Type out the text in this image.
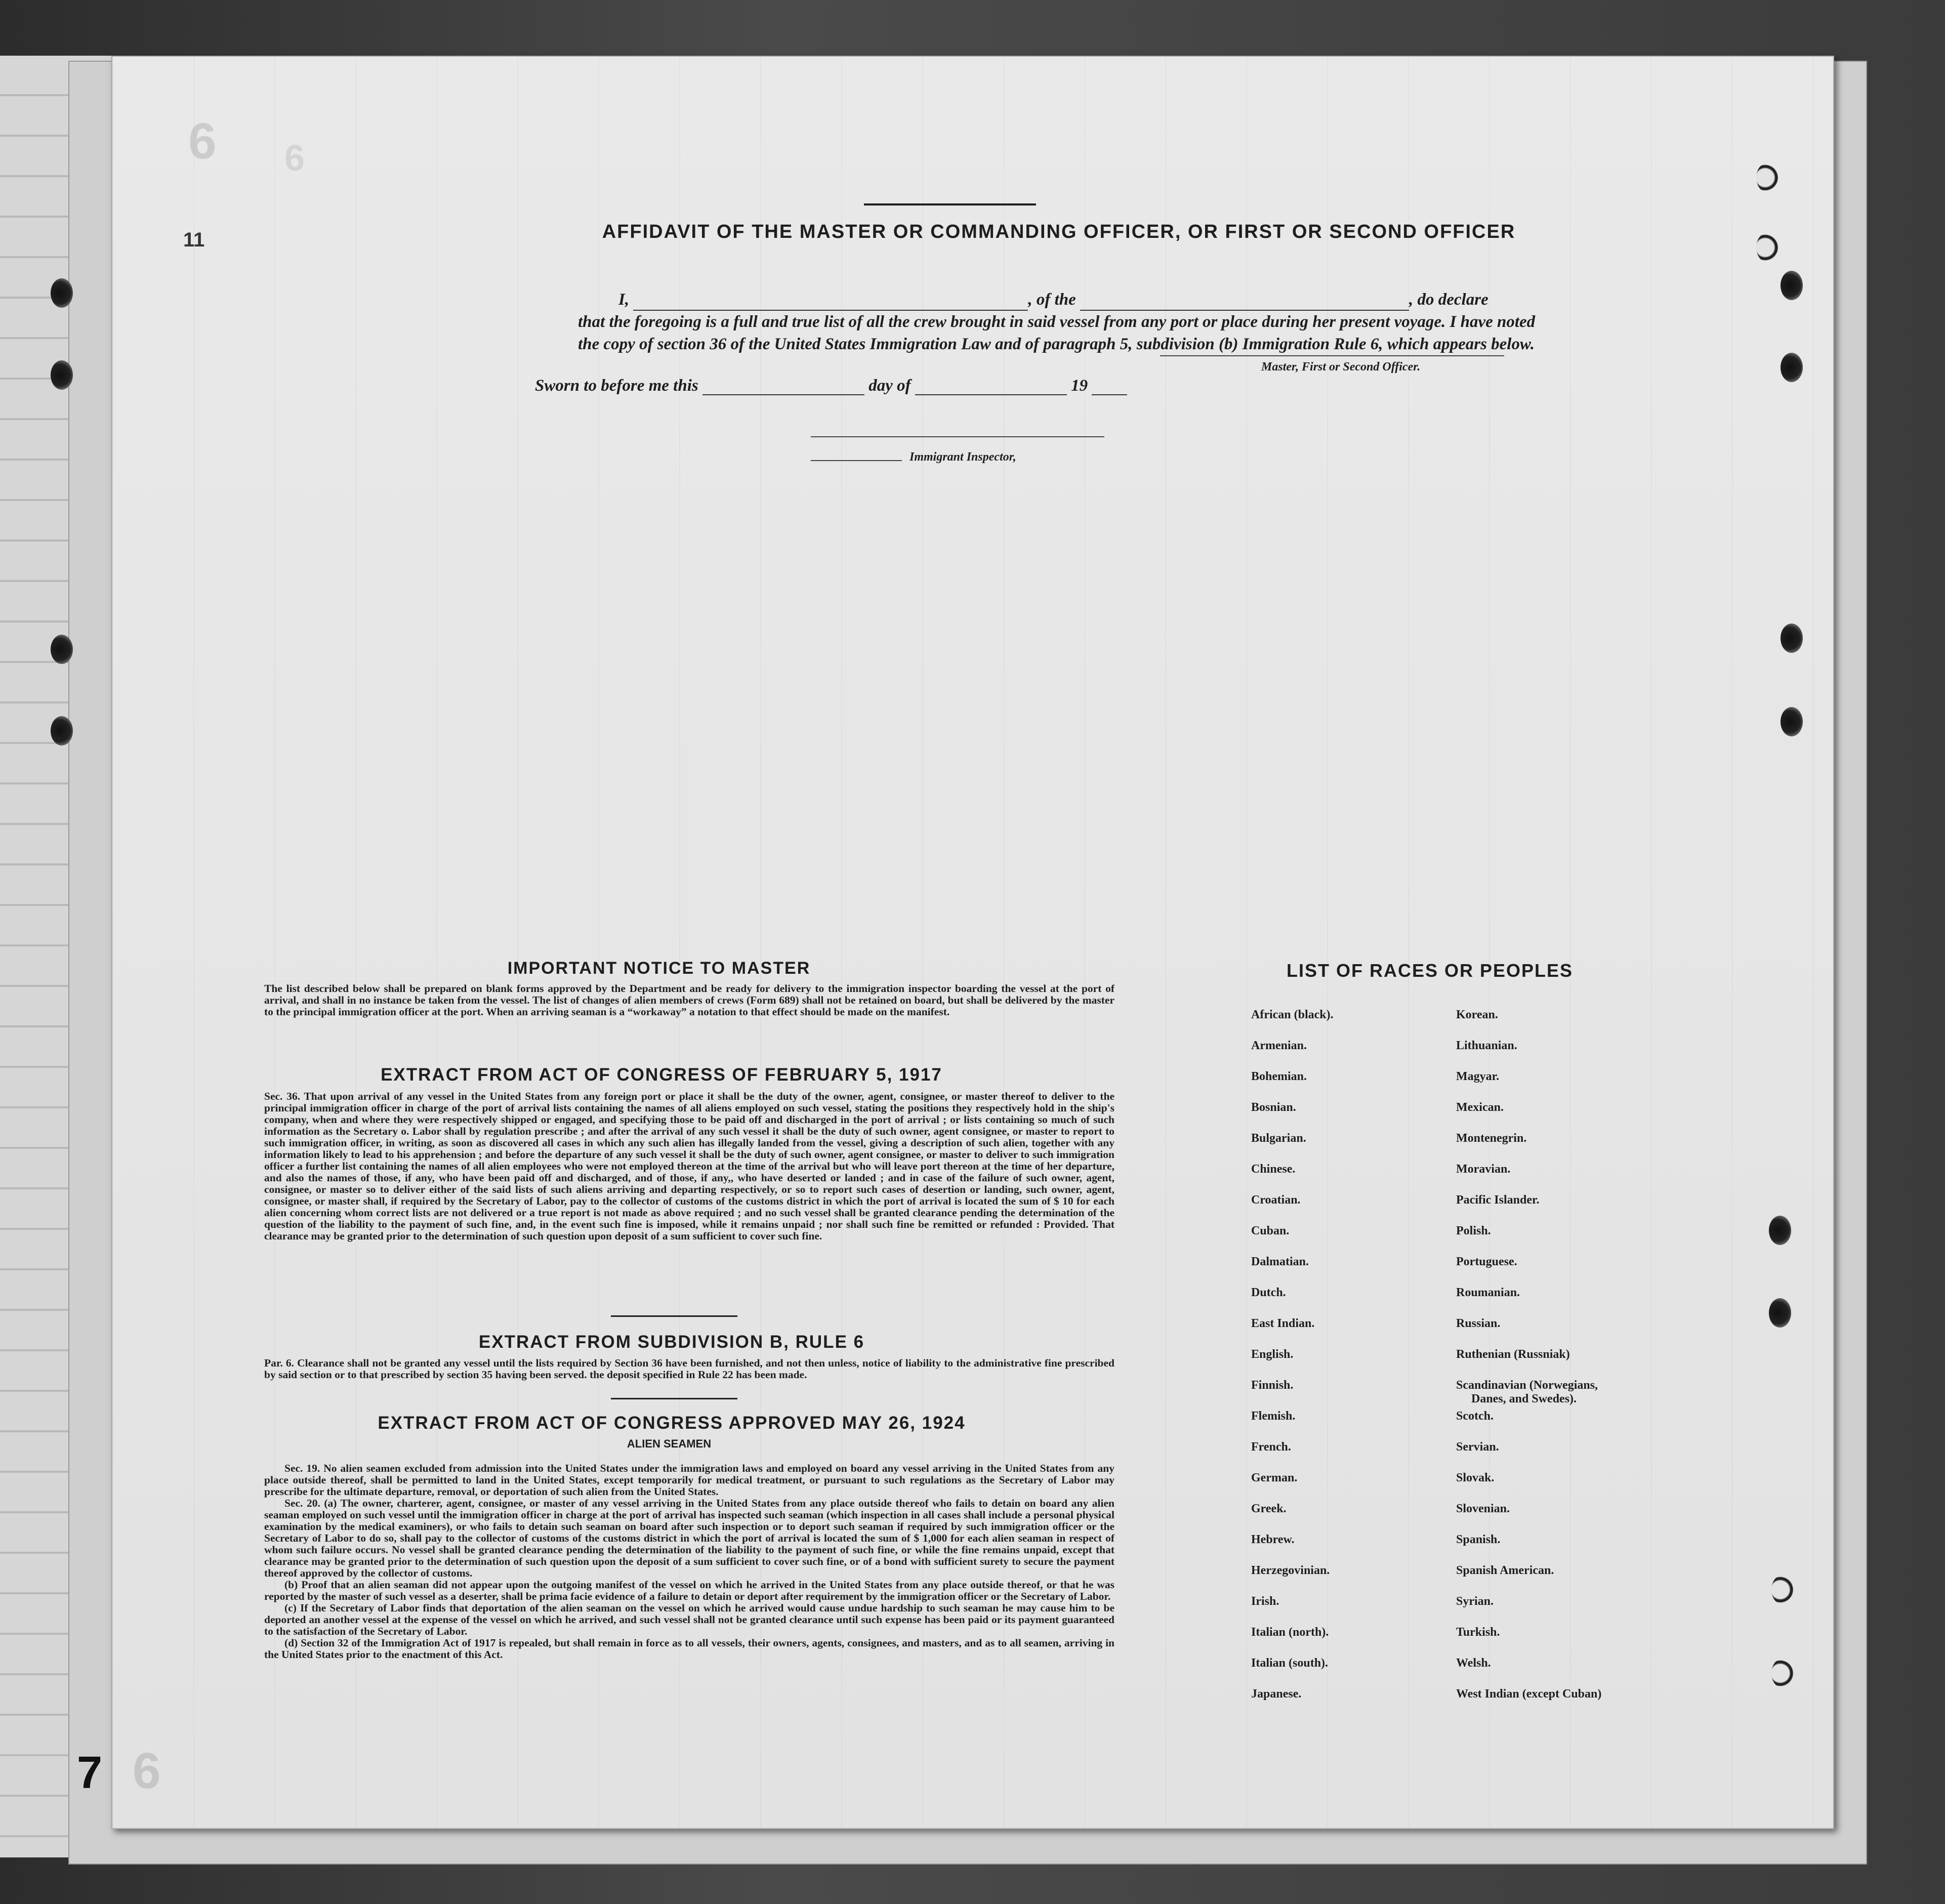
6
7 6
6
11	AFFIDAVIT OF THE MASTER OR COMMANDING OFFICER, OR FIRST OR SECOND OFFICER
I,	, of the	, do declare
that the foregoing is a full and true list of all the crew brought in said vessel from any port or place during her present voyage. I have noted the copy of section 36 of the United States Immigration Law and of paragraph 5, subdivision (b) Immigration Rule 6, which appears below.
Master, First or Second Officer.
Sworn to before me this	day of	19
Immigrant Inspector,
IMPORTANT NOTICE TO MASTER
The list described below shall be prepared on blank forms approved by the Department and be ready for delivery to the immigration inspector boarding the vessel at the port of arrival, and shall in no instance be taken from the vessel. The list of changes of alien members of crews (Form 689) shall not be retained on board, but shall be delivered by the master to the principal immigration officer at the port. When an arriving seaman is a “workaway” a notation to that effect should be made on the manifest.
EXTRACT FROM ACT OF CONGRESS OF FEBRUARY 5, 1917
Sec. 36. That upon arrival of any vessel in the United States from any foreign port or place it shall be the duty of the owner, agent, consignee, or master thereof to deliver to the principal immigration officer in charge of the port of arrival lists containing the names of all aliens employed on such vessel, stating the positions they respectively hold in the ship's company, when and where they were respectively shipped or engaged, and specifying those to be paid off and discharged in the port of arrival ; or lists containing so much of such information as the Secretary o. Labor shall by regulation prescribe ; and after the arrival of any such vessel it shall be the duty of such owner, agent consignee, or master to report to such immigration officer, in writing, as soon as discovered all cases in which any such alien has illegally landed from the vessel, giving a description of such alien, together with any information likely to lead to his apprehension ; and before the departure of any such vessel it shall be the duty of such owner, agent consignee, or master to deliver to such immigration officer a further list containing the names of all alien employees who were not employed thereon at the time of the arrival but who will leave port thereon at the time of her departure, and also the names of those, if any, who have been paid off and discharged, and of those, if any,, who have deserted or landed ; and in case of the failure of such owner, agent, consignee, or master so to deliver either of the said lists of such aliens arriving and departing respectively, or so to report such cases of desertion or landing, such owner, agent, consignee, or master shall, if required by the Secretary of Labor, pay to the collector of customs of the customs district in which the port of arrival is located the sum of $ 10 for each alien concerning whom correct lists are not delivered or a true report is not made as above required ; and no such vessel shall be granted clearance pending the determination of the question of the liability to the payment of such fine, and, in the event such fine is imposed, while it remains unpaid ; nor shall such fine be remitted or refunded : Provided. That clearance may be granted prior to the determination of such question upon deposit of a sum sufficient to cover such fine.
EXTRACT FROM SUBDIVISION B, RULE 6
Par. 6. Clearance shall not be granted any vessel until the lists required by Section 36 have been furnished, and not then unless, notice of liability to the administrative fine prescribed by said section or to that prescribed by section 35 having been served. the deposit specified in Rule 22 has been made.
EXTRACT FROM ACT OF CONGRESS APPROVED MAY 26, 1924
ALIEN SEAMEN
Sec. 19. No alien seamen excluded from admission into the United States under the immigration laws and employed on board any vessel arriving in the United States from any place outside thereof, shall be permitted to land in the United States, except temporarily for medical treatment, or pursuant to such regulations as the Secretary of Labor may prescribe for the ultimate departure, removal, or deportation of such alien from the United States.
Sec. 20. (a) The owner, charterer, agent, consignee, or master of any vessel arriving in the United States from any place outside thereof who fails to detain on board any alien seaman employed on such vessel until the immigration officer in charge at the port of arrival has inspected such seaman (which inspection in all cases shall include a personal physical examination by the medical examiners), or who fails to detain such seaman on board after such inspection or to deport such seaman if required by such immigration officer or the Secretary of Labor to do so, shall pay to the collector of customs of the customs district in which the port of arrival is located the sum of $ 1,000 for each alien seaman in respect of whom such failure occurs. No vessel shall be granted clearance pending the determination of the liability to the payment of such fine, or while the fine remains unpaid, except that clearance may be granted prior to the determination of such question upon the deposit of a sum sufficient to cover such fine, or of a bond with sufficient surety to secure the payment thereof approved by the collector of customs.
(b) Proof that an alien seaman did not appear upon the outgoing manifest of the vessel on which he arrived in the United States from any place outside thereof, or that he was reported by the master of such vessel as a deserter, shall be prima facie evidence of a failure to detain or deport after requirement by the immigration officer or the Secretary of Labor.
(c) If the Secretary of Labor finds that deportation of the alien seaman on the vessel on which he arrived would cause undue hardship to such seaman he may cause him to be deported an another vessel at the expense of the vessel on which he arrived, and such vessel shall not be granted clearance until such expense has been paid or its payment guaranteed to the satisfaction of the Secretary of Labor.
(d) Section 32 of the Immigration Act of 1917 is repealed, but shall remain in force as to all vessels, their owners, agents, consignees, and masters, and as to all seamen, arriving in the United States prior to the enactment of this Act.
LIST OF RACES OR PEOPLES
African (black).
Armenian.
Bohemian.
Bosnian.
Bulgarian.
Chinese.
Croatian.
Cuban.
Dalmatian.
Dutch.
East Indian.
English.
Finnish.
Flemish.
French.
German.
Greek.
Hebrew.
Herzegovinian.
Irish.
Italian (north).
Italian (south).
Japanese.
Korean.
Lithuanian.
Magyar.
Mexican.
Montenegrin.
Moravian.
Pacific Islander.
Polish.
Portuguese.
Roumanian.
Russian.
Ruthenian (Russniak)
Scandinavian (Norwegians,
Danes, and Swedes).
Scotch.
Servian.
Slovak.
Slovenian.
Spanish.
Spanish American.
Syrian.
Turkish.
Welsh.
West Indian (except Cuban)
